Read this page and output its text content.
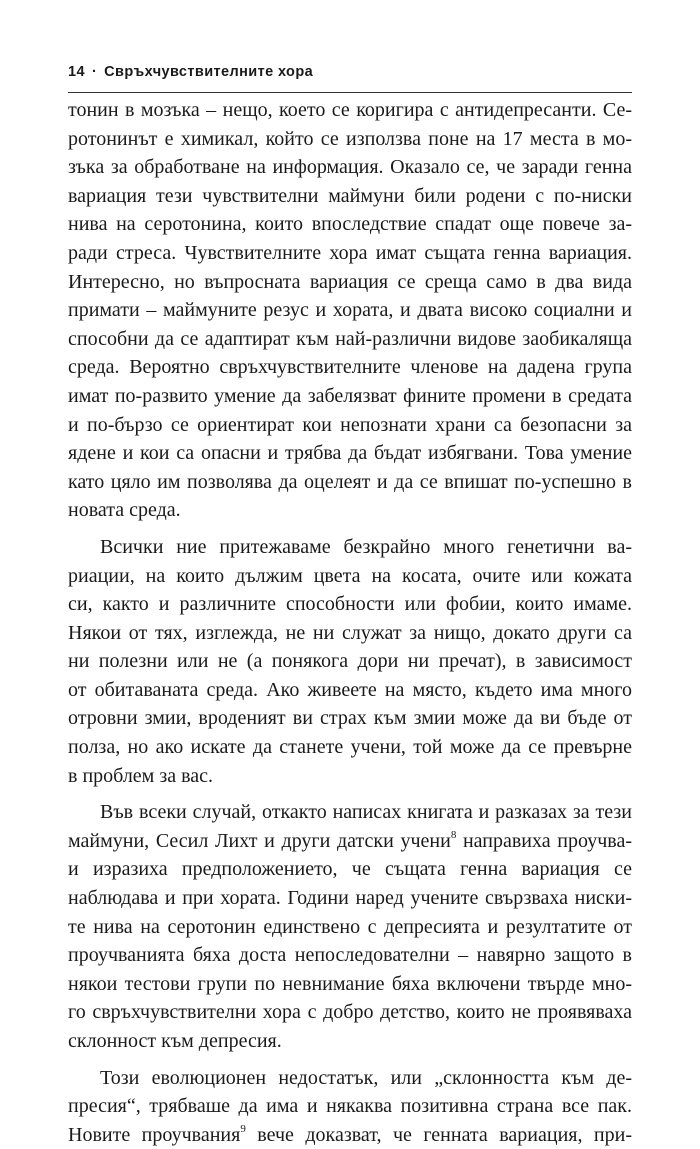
14 · Свръхчувствителните хора
тонин в мозъка – нещо, което се коригира с антидепресанти. Се-
ротонинът е химикал, който се използва поне на 17 места в мо-
зъка за обработване на информация. Оказало се, че заради генна
вариация тези чувствителни маймуни били родени с по-ниски
нива на серотонина, които впоследствие спадат още повече за-
ради стреса. Чувствителните хора имат същата генна вариация.
Интересно, но въпросната вариация се среща само в два вида
примати – маймуните резус и хората, и двата високо социални и
способни да се адаптират към най-различни видове заобикаляща
среда. Вероятно свръхчувствителните членове на дадена група
имат по-развито умение да забелязват фините промени в средата
и по-бързо се ориентират кои непознати храни са безопасни за
ядене и кои са опасни и трябва да бъдат избягвани. Това умение
като цяло им позволява да оцелеят и да се впишат по-успешно в
новата среда.
Всички ние притежаваме безкрайно много генетични ва-
риации, на които дължим цвета на косата, очите или кожата
си, както и различните способности или фобии, които имаме.
Някои от тях, изглежда, не ни служат за нищо, докато други са
ни полезни или не (а понякога дори ни пречат), в зависимост
от обитаваната среда. Ако живеете на място, където има много
отровни змии, вроденият ви страх към змии може да ви бъде от
полза, но ако искате да станете учени, той може да се превърне
в проблем за вас.
Във всеки случай, откакто написах книгата и разказах за тези
маймуни, Сесил Лихт и други датски учени$^8$ направиха проучва-
и изразиха предположението, че същата генна вариация се
наблюдава и при хората. Години наред учените свързваха ниски-
те нива на серотонин единствено с депресията и резултатите от
проучванията бяха доста непоследователни – навярно защото в
някои тестови групи по невнимание бяха включени твърде мно-
го свръхчувствителни хора с добро детство, които не проявяваха
склонност към депресия.
Този еволюционен недостатък, или „склонността към де-
пресия“, трябваше да има и някаква позитивна страна все пак.
Новите проучвания$^9$ вече доказват, че генната вариация, при-
